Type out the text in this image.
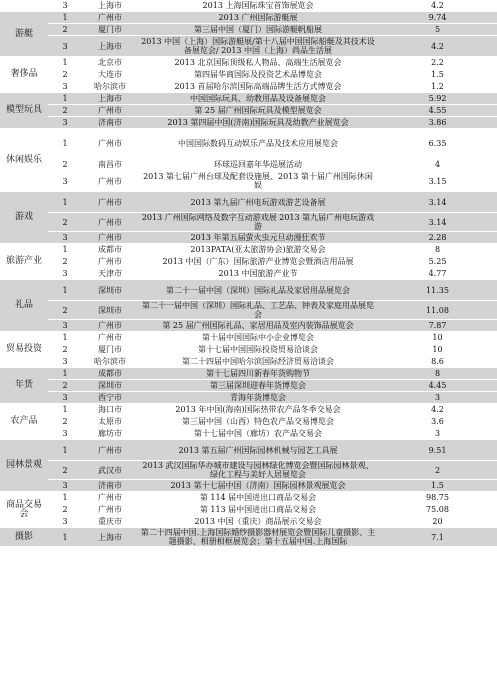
	3	上海市	2013 上海国际珠宝首饰展览会	4.2
游艇	1	广州市	2013 广州国际游艇展	9.74
	2	厦门市	第三届中国（厦门）国际游艇帆船展	5
	3	上海市	2013 中国（上海）国际游艇展/第十八届中国国际船艇及其技术设备展览会/ 2013 中国（上海）尚品生活展	4.2
奢侈品	1	北京市	2013 北京国际顶级私人物品、高端生活展览会	2.2
	2	大连市	第四届华商国际及投资艺术品博览会	1.5
	3	哈尔滨市	2013 首届哈尔滨国际高端品牌生活方式博览会	1.2
模型玩具	1	上海市	中国国际玩具、幼教用品及设备展览会	5.92
	2	广州市	第 25 届广州国际玩具及模型展览会	4.55
	3	济南市	2013 第四届中国(济南)国际玩具及幼教产业展览会	3.86
休闲娱乐	1	广州市	中国国际数码互动娱乐产品及技术应用展览会	6.35
	2	南昌市	环球巡回嘉年华巡展活动	4
	3	广州市	2013 第七届广州台球及配套设施展、2013 第十届广州国际休闲娱	3.15
游戏	1	广州市	2013 第九届广州电玩游戏游艺设备展	3.14
	2	广州市	2013 广州国际网络及数字互动游戏展 2013 第九届广州电玩游戏游	3.14
	3	广州市	2013 年第五届萤火虫元旦动漫狂欢节	2.28
旅游产业	1	成都市	2013PATA(亚太旅游协会)旅游交易会	8
	2	广州市	2013 中国（广东）国际旅游产业博览会暨酒店用品展	5.25
	3	天津市	2013 中国旅游产业节	4.77
礼品	1	深圳市	第二十一届中国（深圳）国际礼品及家居用品展览会	11.35
	2	深圳市	第二十一届中国（深圳）国际礼品、工艺品、钟表及家庭用品展览会	11.08
	3	广州市	第 25 届广州国际礼品、家居用品及室内装饰品展览会	7.87
贸易投资	1	广州市	第十届中国国际中小企业博览会	10
	2	厦门市	第十七届中国国际投资贸易洽谈会	10
	3	哈尔滨市	第二十四届中国哈尔滨国际经济贸易洽谈会	8.6
年货	1	成都市	第十七届四川新春年货购物节	8
	2	深圳市	第三届深圳迎春年货博览会	4.45
	3	西宁市	青海年货博览会	3
农产品	1	海口市	2013 年中国(海南)国际热带农产品冬季交易会	4.2
	2	太原市	第三届中国（山西）特色农产品交易博览会	3.6
	3	廊坊市	第十七届中国（廊坊）农产品交易会	3
园林景观	1	广州市	2013 第五届广州国际园林机械与园艺工具展	9.51
	2	武汉市	2013 武汉国际华办城市建设与园林绿化博览会暨国际园林景观、绿化工程与美好人居展览会	2
	3	济南市	2013 第十七届中国（济南）国际园林景观展览会	1.5
商品交易会	1	广州市	第 114 届中国进出口商品交易会	98.75
	2	广州市	第 113 届中国进出口商品交易会	75.08
	3	重庆市	2013 中国（重庆）商品展示交易会	20
摄影	1	上海市	第二十四届中国.上海国际婚纱摄影器材展览会暨国际儿童摄影、主题摄影、相册相框展览会；第十五届中国.上海国际	7.1
